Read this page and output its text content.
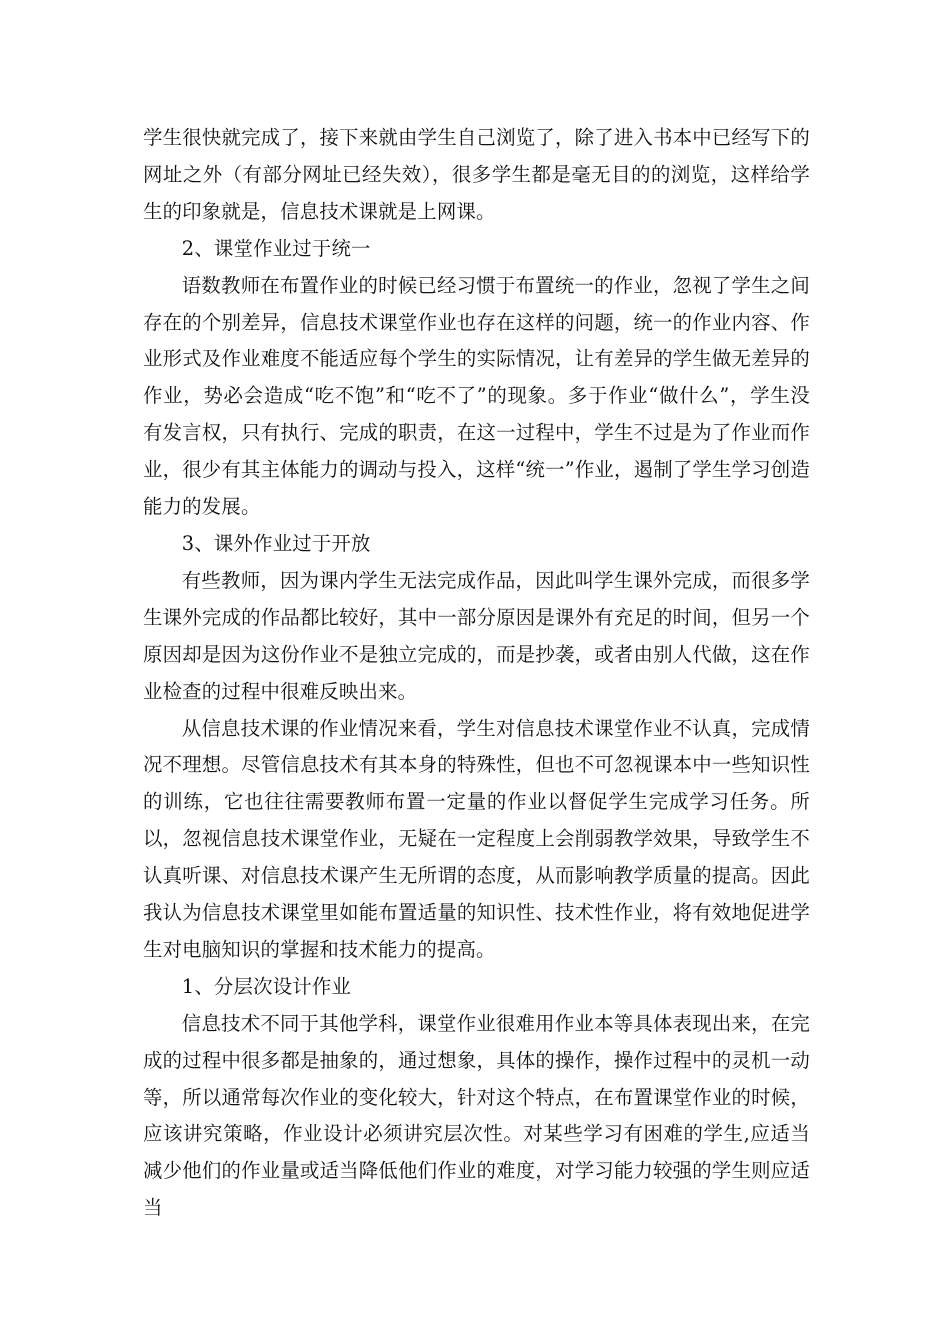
学生很快就完成了，接下来就由学生自己浏览了，除了进入书本中已经写下的网址之外（有部分网址已经失效），很多学生都是毫无目的的浏览，这样给学生的印象就是，信息技术课就是上网课。

2、课堂作业过于统一

语数教师在布置作业的时候已经习惯于布置统一的作业，忽视了学生之间存在的个别差异，信息技术课堂作业也存在这样的问题，统一的作业内容、作业形式及作业难度不能适应每个学生的实际情况，让有差异的学生做无差异的作业，势必会造成“吃不饱”和“吃不了”的现象。多于作业“做什么”，学生没有发言权，只有执行、完成的职责，在这一过程中，学生不过是为了作业而作业，很少有其主体能力的调动与投入，这样“统一”作业，遏制了学生学习创造能力的发展。

3、课外作业过于开放

有些教师，因为课内学生无法完成作品，因此叫学生课外完成，而很多学生课外完成的作品都比较好，其中一部分原因是课外有充足的时间，但另一个原因却是因为这份作业不是独立完成的，而是抄袭，或者由别人代做，这在作业检查的过程中很难反映出来。

从信息技术课的作业情况来看，学生对信息技术课堂作业不认真，完成情况不理想。尽管信息技术有其本身的特殊性，但也不可忽视课本中一些知识性的训练，它也往往需要教师布置一定量的作业以督促学生完成学习任务。所以，忽视信息技术课堂作业，无疑在一定程度上会削弱教学效果，导致学生不认真听课、对信息技术课产生无所谓的态度，从而影响教学质量的提高。因此我认为信息技术课堂里如能布置适量的知识性、技术性作业，将有效地促进学生对电脑知识的掌握和技术能力的提高。

1、分层次设计作业

信息技术不同于其他学科，课堂作业很难用作业本等具体表现出来，在完成的过程中很多都是抽象的，通过想象，具体的操作，操作过程中的灵机一动等，所以通常每次作业的变化较大，针对这个特点，在布置课堂作业的时候，应该讲究策略，作业设计必须讲究层次性。对某些学习有困难的学生,应适当减少他们的作业量或适当降低他们作业的难度，对学习能力较强的学生则应适当
